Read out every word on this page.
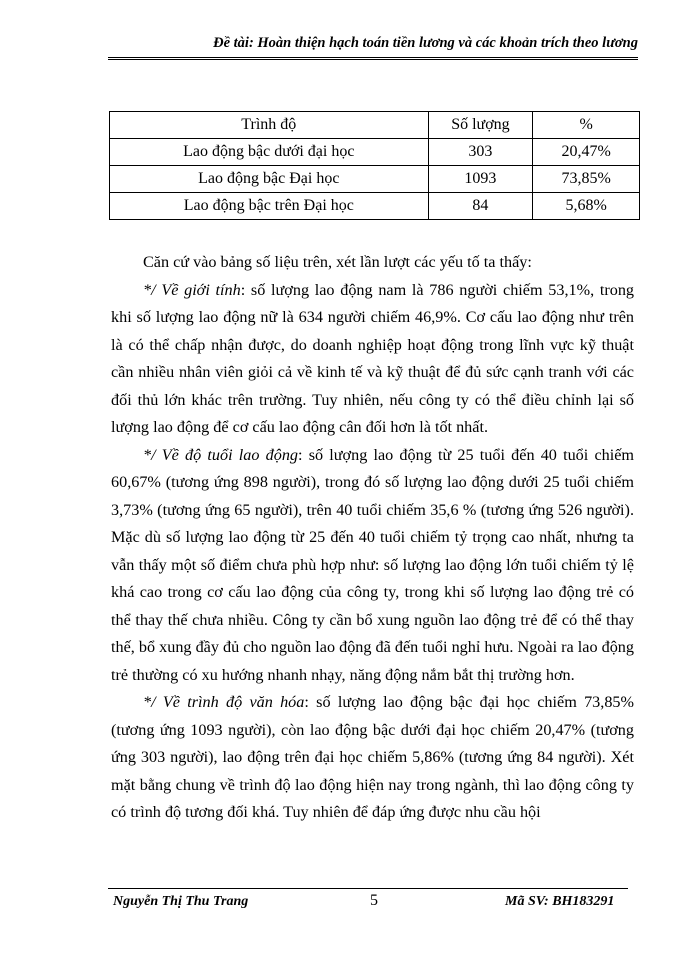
Đề tài: Hoàn thiện hạch toán tiền lương và các khoản trích theo lương
Trình độ	Số lượng	%
Lao động bậc dưới đại học	303	20,47%
Lao động bậc Đại học	1093	73,85%
Lao động bậc trên Đại học	84	5,68%

Căn cứ vào bảng số liệu trên, xét lần lượt các yếu tố ta thấy:

*/ Về giới tính: số lượng lao động nam là 786 người chiếm 53,1%, trong khi số lượng lao động nữ là 634 người chiếm 46,9%. Cơ cấu lao động như trên là có thể chấp nhận được, do doanh nghiệp hoạt động trong lĩnh vực kỹ thuật cần nhiều nhân viên giỏi cả về kinh tế và kỹ thuật để đủ sức cạnh tranh với các đối thủ lớn khác trên trường. Tuy nhiên, nếu công ty có thể điều chỉnh lại số lượng lao động để cơ cấu lao động cân đối hơn là tốt nhất.

*/ Về độ tuổi lao động: số lượng lao động từ 25 tuổi đến 40 tuổi chiếm 60,67% (tương ứng 898 người), trong đó số lượng lao động dưới 25 tuổi chiếm 3,73% (tương ứng 65 người), trên 40 tuổi chiếm 35,6 % (tương ứng 526 người). Mặc dù số lượng lao động từ 25 đến 40 tuổi chiếm tỷ trọng cao nhất, nhưng ta vẫn thấy một số điểm chưa phù hợp như: số lượng lao động lớn tuổi chiếm tỷ lệ khá cao trong cơ cấu lao động của công ty, trong khi số lượng lao động trẻ có thể thay thế chưa nhiều. Công ty cần bổ xung nguồn lao động trẻ để có thể thay thế, bổ xung đầy đủ cho nguồn lao động đã đến tuổi nghỉ hưu. Ngoài ra lao động trẻ thường có xu hướng nhanh nhạy, năng động nắm bắt thị trường hơn.

*/ Về trình độ văn hóa: số lượng lao động bậc đại học chiếm 73,85% (tương ứng 1093 người), còn lao động bậc dưới đại học chiếm 20,47% (tương ứng 303 người), lao động trên đại học chiếm 5,86% (tương ứng 84 người). Xét mặt bằng chung về trình độ lao động hiện nay trong ngành, thì lao động công ty có trình độ tương đối khá. Tuy nhiên để đáp ứng được nhu cầu hội

Nguyễn Thị Thu Trang	5	Mã SV: BH183291
